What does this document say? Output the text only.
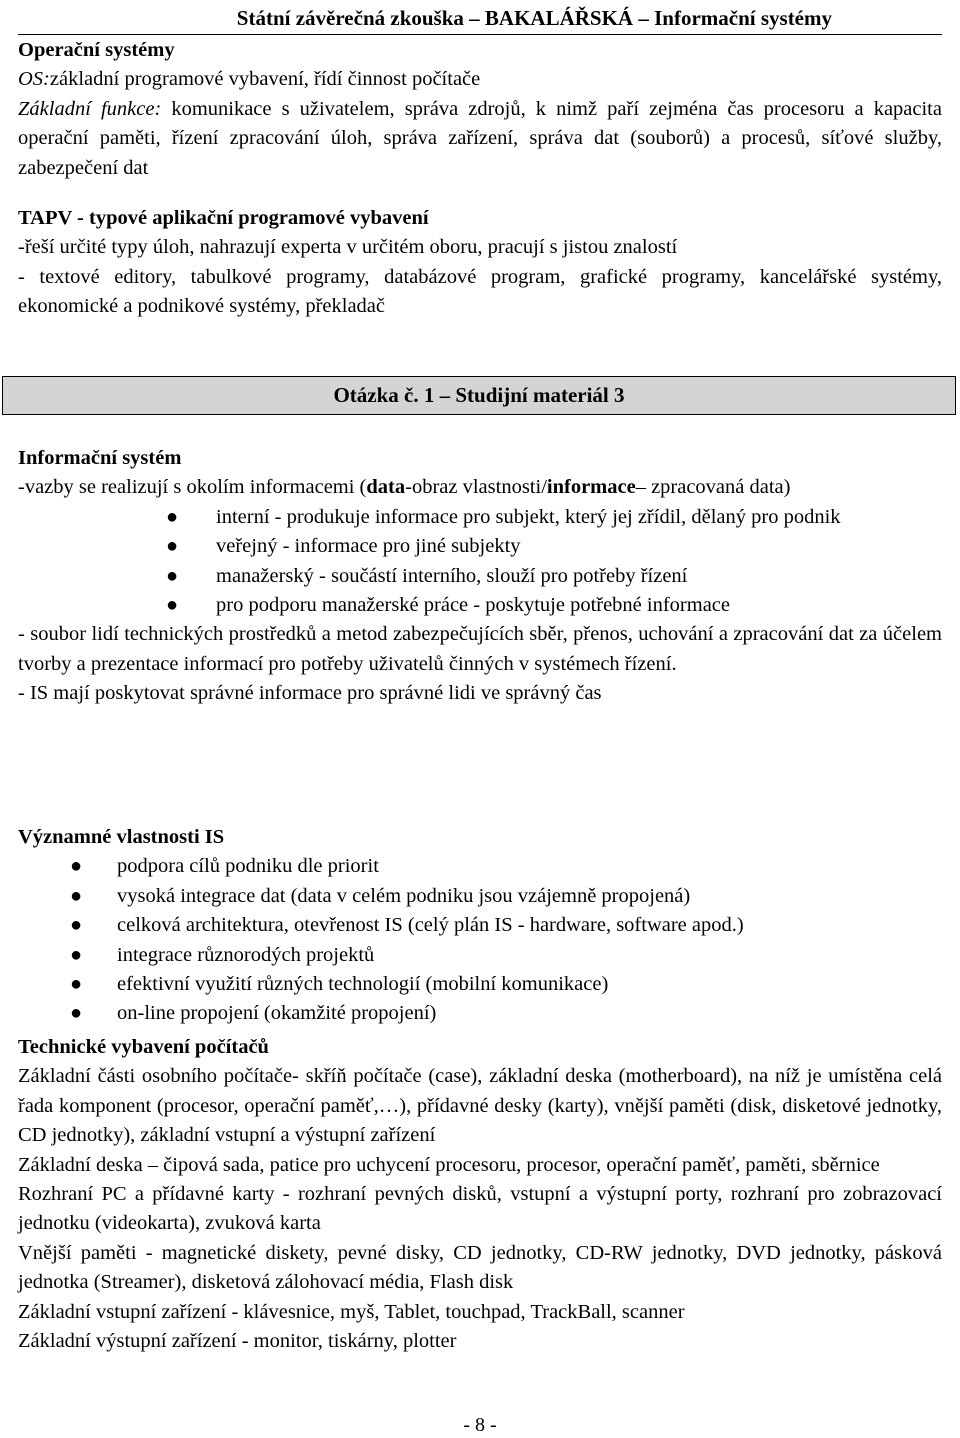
Státní závěrečná zkouška – BAKALÁŘSKÁ – Informační systémy

Operační systémy

OS:základní programové vybavení, řídí činnost počítače

Základní funkce: komunikace s uživatelem, správa zdrojů, k nimž paří zejména čas procesoru a kapacita operační paměti, řízení zpracování úloh, správa zařízení, správa dat (souborů) a procesů, síťové služby, zabezpečení dat

TAPV - typové aplikační programové vybavení

-řeší určité typy úloh, nahrazují experta v určitém oboru, pracují s jistou znalostí

- textové editory, tabulkové programy, databázové program, grafické programy, kancelářské systémy, ekonomické a podnikové systémy, překladač

Otázka č. 1 – Studijní materiál 3

Informační systém

-vazby se realizují s okolím informacemi (data-obraz vlastnosti/informace– zpracovaná data)

● interní - produkuje informace pro subjekt, který jej zřídil, dělaný pro podnik
● veřejný - informace pro jiné subjekty
● manažerský - součástí interního, slouží pro potřeby řízení
● pro podporu manažerské práce - poskytuje potřebné informace

- soubor lidí technických prostředků a metod zabezpečujících sběr, přenos, uchování a zpracování dat za účelem tvorby a prezentace informací pro potřeby uživatelů činných v systémech řízení.

- IS mají poskytovat správné informace pro správné lidi ve správný čas

Významné vlastnosti IS

● podpora cílů podniku dle priorit
● vysoká integrace dat (data v celém podniku jsou vzájemně propojená)
● celková architektura, otevřenost IS (celý plán IS - hardware, software apod.)
● integrace různorodých projektů
● efektivní využití různých technologií (mobilní komunikace)
● on-line propojení (okamžité propojení)

Technické vybavení počítačů

Základní části osobního počítače- skříň počítače (case), základní deska (motherboard), na níž je umístěna celá řada komponent (procesor, operační paměť,…), přídavné desky (karty), vnější paměti (disk, disketové jednotky, CD jednotky), základní vstupní a výstupní zařízení

Základní deska – čipová sada, patice pro uchycení procesoru, procesor, operační paměť, paměti, sběrnice

Rozhraní PC a přídavné karty - rozhraní pevných disků, vstupní a výstupní porty, rozhraní pro zobrazovací jednotku (videokarta), zvuková karta

Vnější paměti - magnetické diskety, pevné disky, CD jednotky, CD-RW jednotky, DVD jednotky, pásková jednotka (Streamer), disketová zálohovací média, Flash disk

Základní vstupní zařízení - klávesnice, myš, Tablet, touchpad, TrackBall, scanner

Základní výstupní zařízení - monitor, tiskárny, plotter

- 8 -
